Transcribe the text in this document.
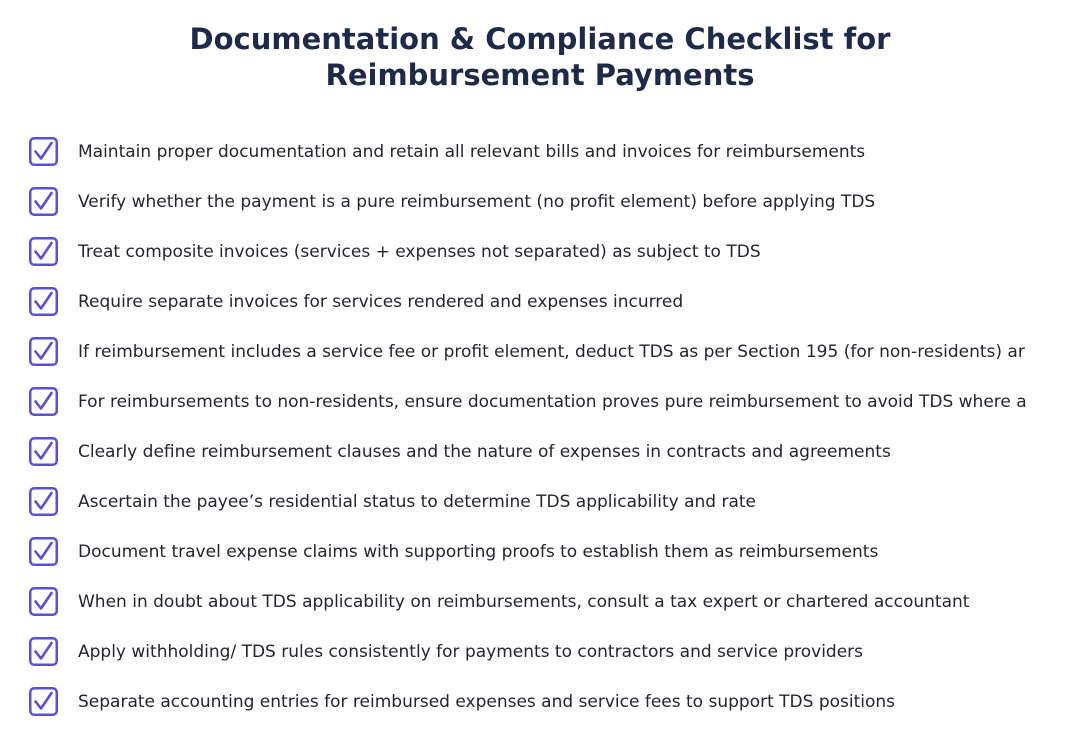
Documentation & Compliance Checklist for
Reimbursement Payments
Maintain proper documentation and retain all relevant bills and invoices for reimbursements
Verify whether the payment is a pure reimbursement (no profit element) before applying TDS
Treat composite invoices (services + expenses not separated) as subject to TDS
Require separate invoices for services rendered and expenses incurred
If reimbursement includes a service fee or profit element, deduct TDS as per Section 195 (for non-residents) ar
For reimbursements to non-residents, ensure documentation proves pure reimbursement to avoid TDS where a
Clearly define reimbursement clauses and the nature of expenses in contracts and agreements
Ascertain the payee’s residential status to determine TDS applicability and rate
Document travel expense claims with supporting proofs to establish them as reimbursements
When in doubt about TDS applicability on reimbursements, consult a tax expert or chartered accountant
Apply withholding/ TDS rules consistently for payments to contractors and service providers
Separate accounting entries for reimbursed expenses and service fees to support TDS positions
